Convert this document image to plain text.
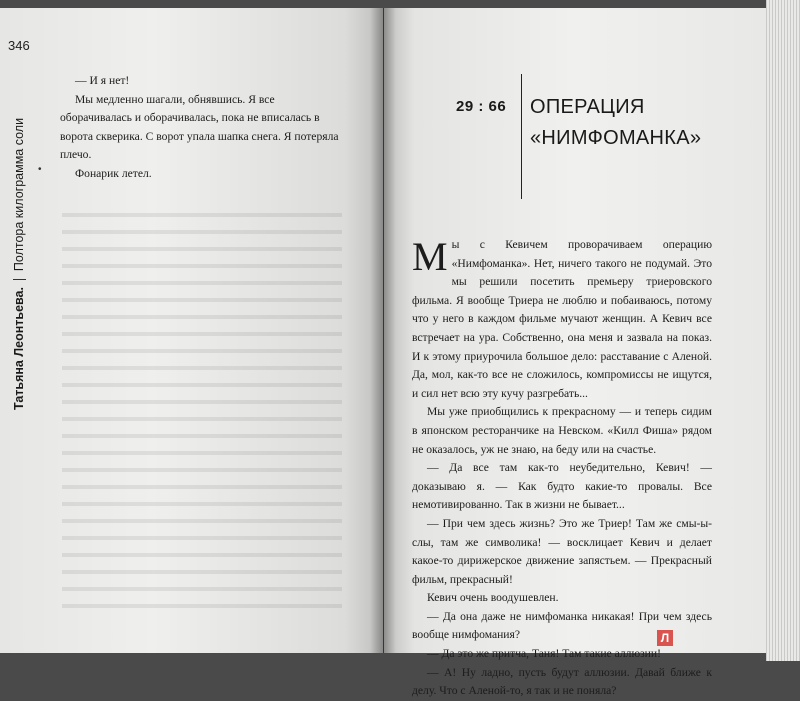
346
Татьяна Леонтьева.  Полтора килограмма соли

— И я нет!

Мы медленно шагали, обнявшись. Я все оборачивалась и оборачивалась, пока не вписалась в ворота скверика. С ворот упала шапка снега. Я потеряла плечо.

Фонарик летел.

•
29 : 66 ОПЕРАЦИЯ «НИМФОМАНКА»

М ы с Кевичем проворачиваем операцию «Нимфоманка». Нет, ничего такого не подумай. Это мы решили посетить премьеру триеровского фильма. Я вообще Триера не люблю и побаиваюсь, потому что у него в каждом фильме мучают женщин. А Кевич все встречает на ура. Собственно, она меня и зазвала на показ. И к этому приурочила большое дело: расставание с Аленой. Да, мол, как-то все не сложилось, компромиссы не ищутся, и сил нет всю эту кучу разгребать...

Мы уже приобщились к прекрасному — и теперь сидим в японском ресторанчике на Невском. «Килл Фиша» рядом не оказалось, уж не знаю, на беду или на счастье.

— Да все там как-то неубедительно, Кевич! — доказываю я. — Как будто какие-то провалы. Все немотивированно. Так в жизни не бывает...

— При чем здесь жизнь? Это же Триер! Там же смы-ы-слы, там же символика! — восклицает Кевич и делает какое-то дирижерское движение запястьем. — Прекрасный фильм, прекрасный!

Кевич очень воодушевлен.

— Да она даже не нимфоманка никакая! При чем здесь вообще нимфомания?

— Да это же притча, Таня! Там такие аллюзии!

— А! Ну ладно, пусть будут аллюзии. Давай ближе к делу. Что с Аленой-то, я так и не поняла?

Л
